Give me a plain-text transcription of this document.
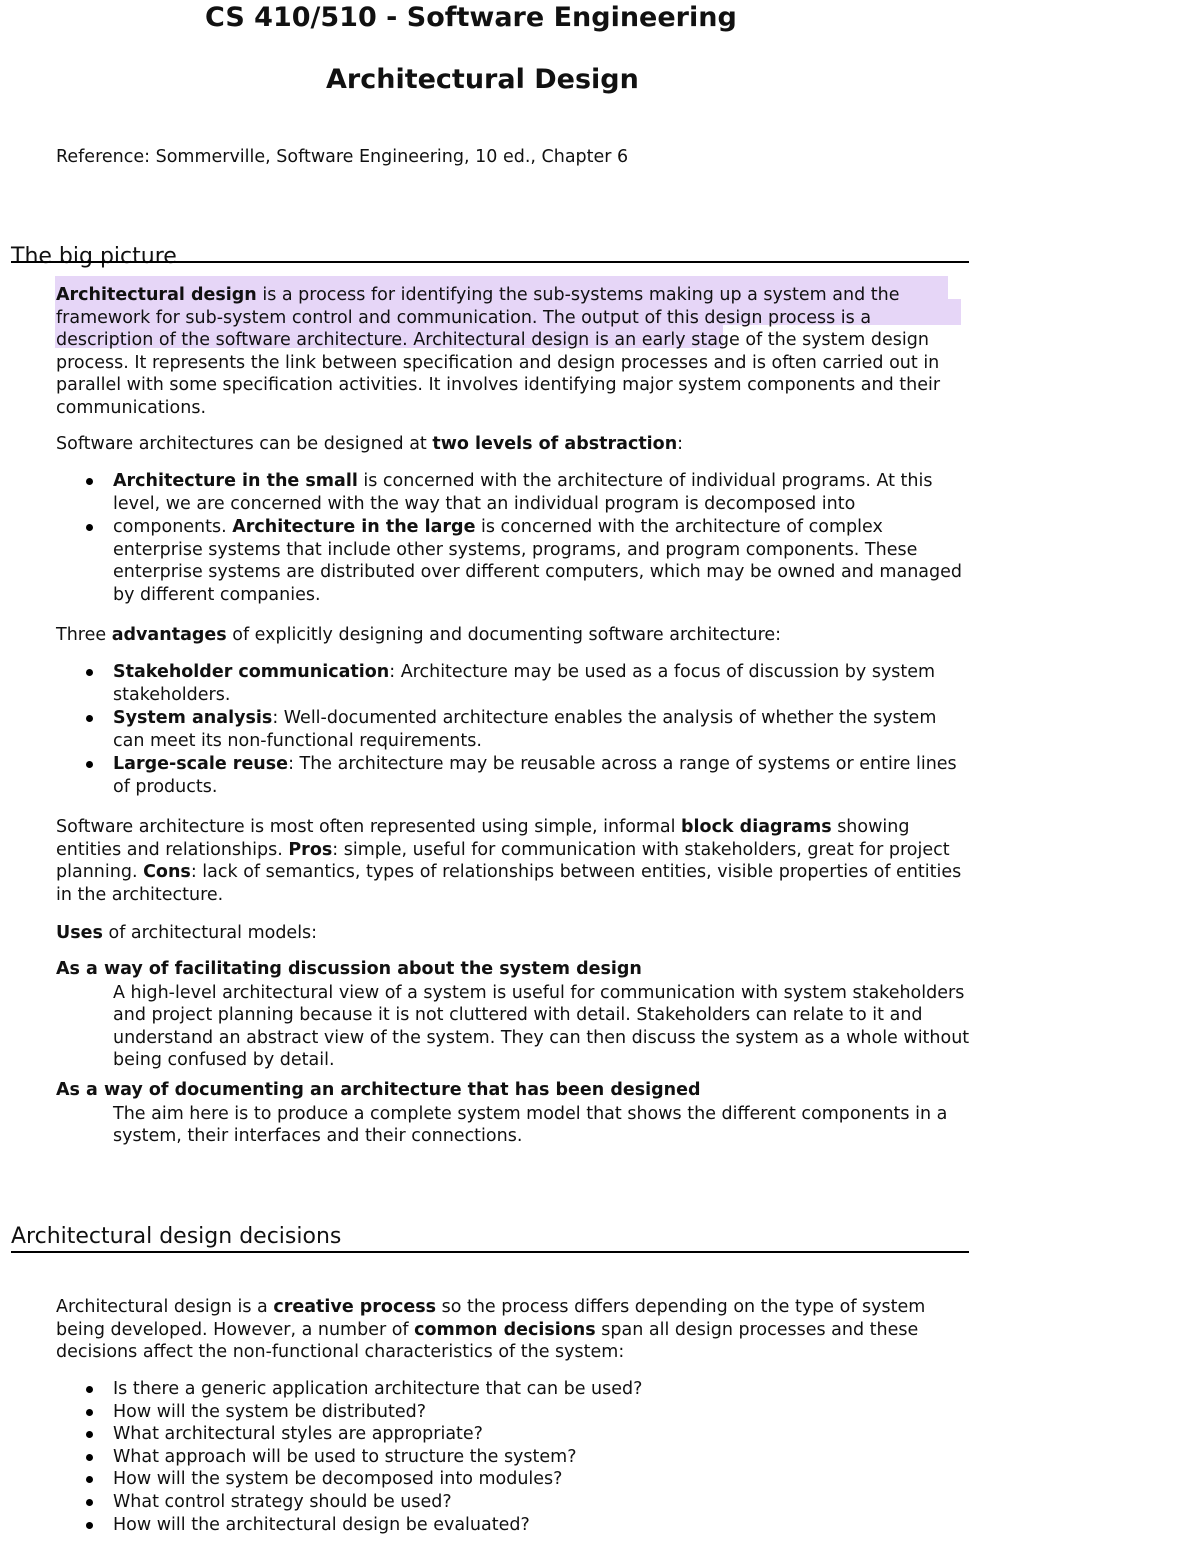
CS 410/510 - Software Engineering
Architectural Design
Reference: Sommerville, Software Engineering, 10 ed., Chapter 6
The big picture

Architectural design is a process for identifying the sub-systems making up a system and the framework for sub-system control and communication. The output of this design process is a description of the software architecture. Architectural design is an early stage of the system design process. It represents the link between specification and design processes and is often carried out in parallel with some specification activities. It involves identifying major system components and their communications.

Software architectures can be designed at two levels of abstraction:

Architecture in the small is concerned with the architecture of individual programs. At this level, we are concerned with the way that an individual program is decomposed into
components. Architecture in the large is concerned with the architecture of complex enterprise systems that include other systems, programs, and program components. These enterprise systems are distributed over different computers, which may be owned and managed by different companies.

Three advantages of explicitly designing and documenting software architecture:

Stakeholder communication: Architecture may be used as a focus of discussion by system stakeholders.
System analysis: Well-documented architecture enables the analysis of whether the system can meet its non-functional requirements.
Large-scale reuse: The architecture may be reusable across a range of systems or entire lines of products.

Software architecture is most often represented using simple, informal block diagrams showing entities and relationships. Pros: simple, useful for communication with stakeholders, great for project planning. Cons: lack of semantics, types of relationships between entities, visible properties of entities in the architecture.

Uses of architectural models:

As a way of facilitating discussion about the system design
A high-level architectural view of a system is useful for communication with system stakeholders and project planning because it is not cluttered with detail. Stakeholders can relate to it and understand an abstract view of the system. They can then discuss the system as a whole without being confused by detail.
As a way of documenting an architecture that has been designed
The aim here is to produce a complete system model that shows the different components in a system, their interfaces and their connections.
Architectural design decisions

Architectural design is a creative process so the process differs depending on the type of system being developed. However, a number of common decisions span all design processes and these decisions affect the non-functional characteristics of the system:

Is there a generic application architecture that can be used?
How will the system be distributed?
What architectural styles are appropriate?
What approach will be used to structure the system?
How will the system be decomposed into modules?
What control strategy should be used?
How will the architectural design be evaluated?
